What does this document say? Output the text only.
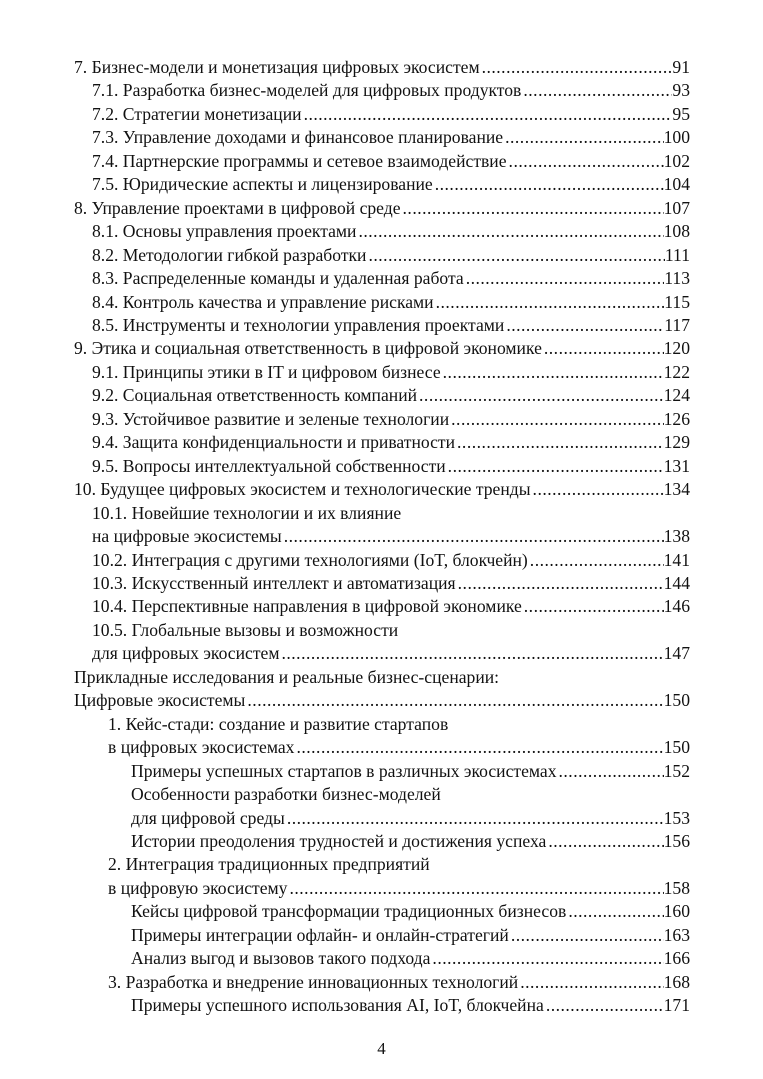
7. Бизнес-модели и монетизация цифровых экосистем .....	91
7.1. Разработка бизнес-моделей для цифровых продуктов .....	93
7.2. Стратегии монетизации .....	95
7.3. Управление доходами и финансовое планирование .....	100
7.4. Партнерские программы и сетевое взаимодействие .....	102
7.5. Юридические аспекты и лицензирование .....	104
8. Управление проектами в цифровой среде .....	107
8.1. Основы управления проектами .....	108
8.2. Методологии гибкой разработки .....	111
8.3. Распределенные команды и удаленная работа .....	113
8.4. Контроль качества и управление рисками .....	115
8.5. Инструменты и технологии управления проектами .....	117
9. Этика и социальная ответственность в цифровой экономике .....	120
9.1. Принципы этики в IT и цифровом бизнесе .....	122
9.2. Социальная ответственность компаний .....	124
9.3. Устойчивое развитие и зеленые технологии .....	126
9.4. Защита конфиденциальности и приватности .....	129
9.5. Вопросы интеллектуальной собственности .....	131
10. Будущее цифровых экосистем и технологические тренды .....	134
10.1. Новейшие технологии и их влияние
на цифровые экосистемы .....	138
10.2. Интеграция с другими технологиями (IoT, блокчейн) .....	141
10.3. Искусственный интеллект и автоматизация .....	144
10.4. Перспективные направления в цифровой экономике .....	146
10.5. Глобальные вызовы и возможности
для цифровых экосистем .....	147
Прикладные исследования и реальные бизнес-сценарии:
Цифровые экосистемы .....	150
1. Кейс-стади: создание и развитие стартапов
в цифровых экосистемах .....	150
Примеры успешных стартапов в различных экосистемах .....	152
Особенности разработки бизнес-моделей
для цифровой среды .....	153
Истории преодоления трудностей и достижения успеха .....	156
2. Интеграция традиционных предприятий
в цифровую экосистему .....	158
Кейсы цифровой трансформации традиционных бизнесов .....	160
Примеры интеграции офлайн- и онлайн-стратегий .....	163
Анализ выгод и вызовов такого подхода .....	166
3. Разработка и внедрение инновационных технологий .....	168
Примеры успешного использования AI, IoT, блокчейна .....	171
4
